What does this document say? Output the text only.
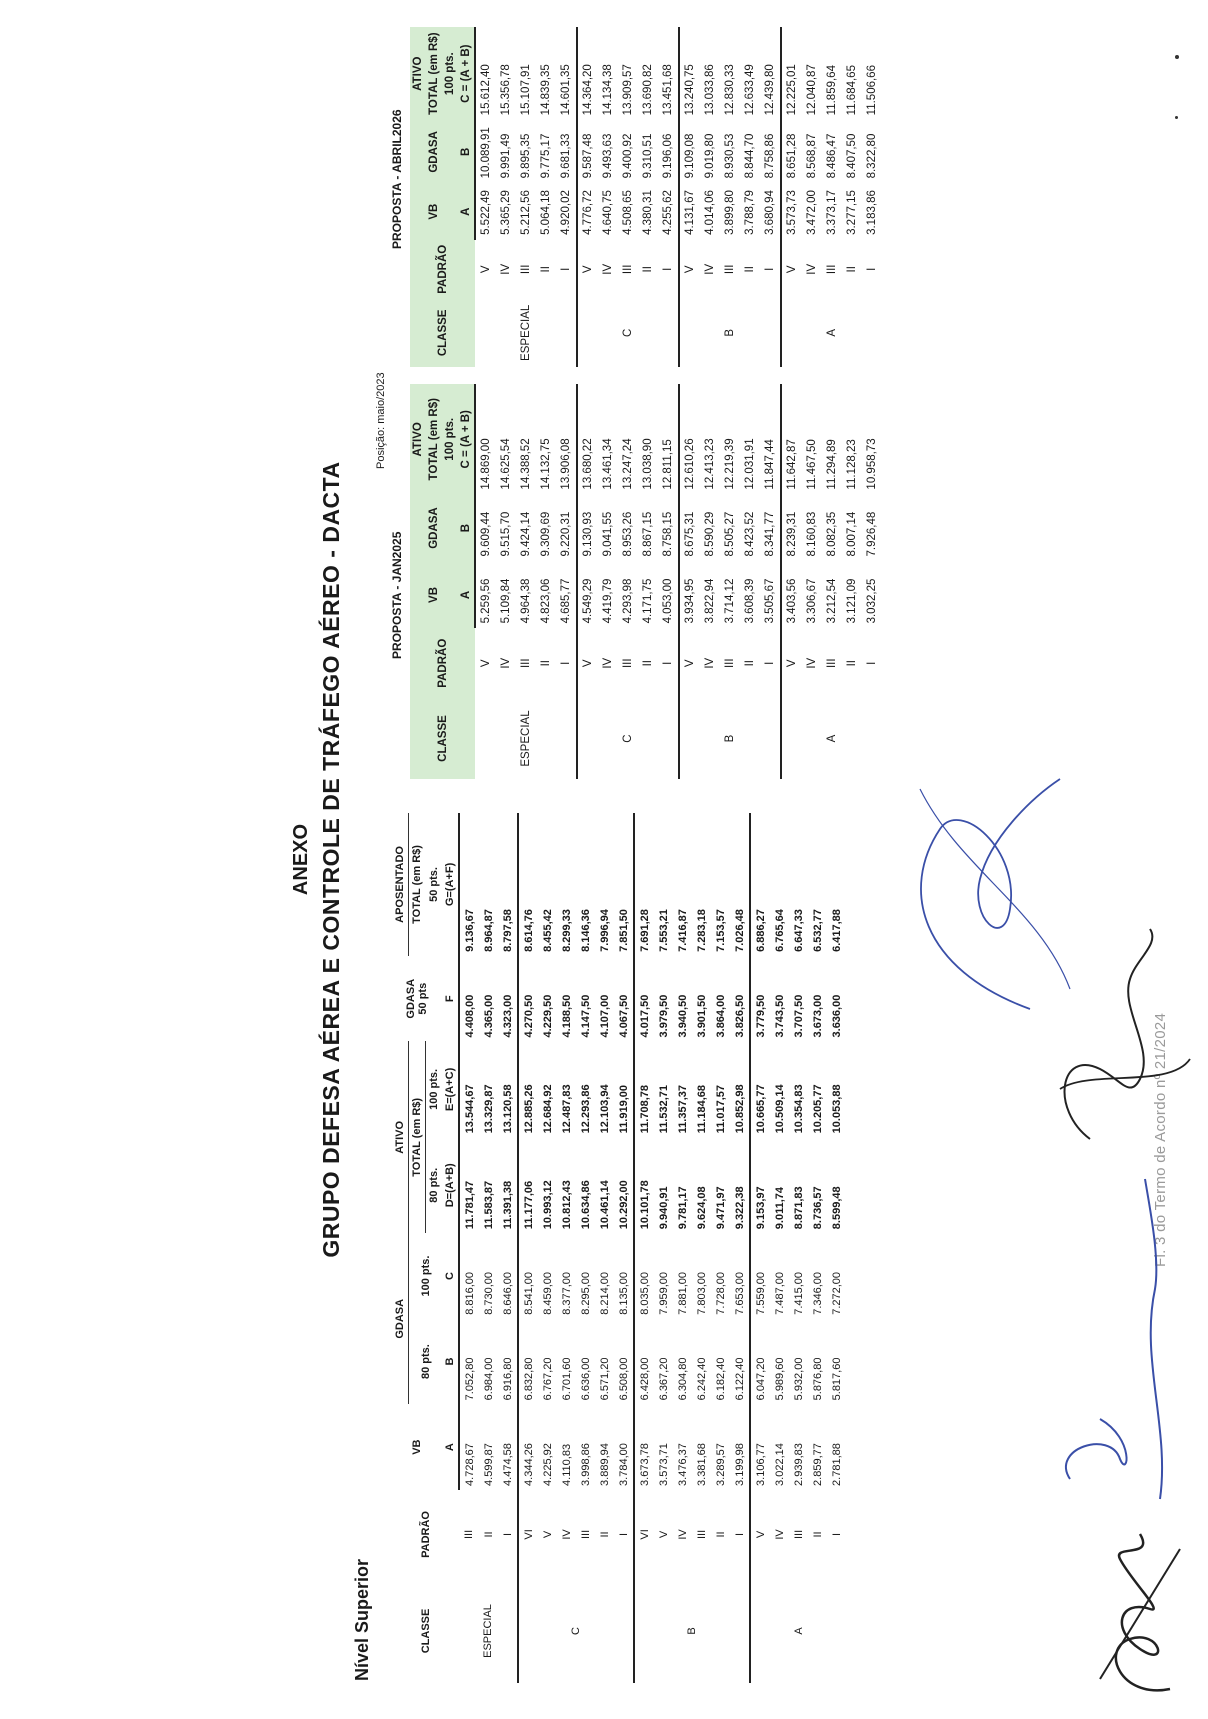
Fl. 3 do Termo de Acordo nº 21/2024
ANEXO GRUPO DEFESA AÉREA E CONTROLE DE TRÁFEGO AÉREO - DACTA
Nível Superior
Posição: maio/2023
PROPOSTA - JAN2025
PROPOSTA - ABRIL2026
CLASSE	PADRÃO	VB	GDASA		ATIVO		GDASA
50 pts	APOSENTADO
			80 pts.	100 pts.	TOTAL (em R$)			TOTAL (em R$)
					80 pts.	100 pts.		50 pts.
		A	B	C	D=(A+B)	E=(A+C)	F	G=(A+F)
ESPECIAL	III	4.728,67	7.052,80	8.816,00	11.781,47	13.544,67	4.408,00	9.136,67
	II	4.599,87	6.984,00	8.730,00	11.583,87	13.329,87	4.365,00	8.964,87
	I	4.474,58	6.916,80	8.646,00	11.391,38	13.120,58	4.323,00	8.797,58
C	VI	4.344,26	6.832,80	8.541,00	11.177,06	12.885,26	4.270,50	8.614,76
	V	4.225,92	6.767,20	8.459,00	10.993,12	12.684,92	4.229,50	8.455,42
	IV	4.110,83	6.701,60	8.377,00	10.812,43	12.487,83	4.188,50	8.299,33
	III	3.998,86	6.636,00	8.295,00	10.634,86	12.293,86	4.147,50	8.146,36
	II	3.889,94	6.571,20	8.214,00	10.461,14	12.103,94	4.107,00	7.996,94
	I	3.784,00	6.508,00	8.135,00	10.292,00	11.919,00	4.067,50	7.851,50
B	VI	3.673,78	6.428,00	8.035,00	10.101,78	11.708,78	4.017,50	7.691,28
	V	3.573,71	6.367,20	7.959,00	9.940,91	11.532,71	3.979,50	7.553,21
	IV	3.476,37	6.304,80	7.881,00	9.781,17	11.357,37	3.940,50	7.416,87
	III	3.381,68	6.242,40	7.803,00	9.624,08	11.184,68	3.901,50	7.283,18
	II	3.289,57	6.182,40	7.728,00	9.471,97	11.017,57	3.864,00	7.153,57
	I	3.199,98	6.122,40	7.653,00	9.322,38	10.852,98	3.826,50	7.026,48
A	V	3.106,77	6.047,20	7.559,00	9.153,97	10.665,77	3.779,50	6.886,27
	IV	3.022,14	5.989,60	7.487,00	9.011,74	10.509,14	3.743,50	6.765,64
	III	2.939,83	5.932,00	7.415,00	8.871,83	10.354,83	3.707,50	6.647,33
	II	2.859,77	5.876,80	7.346,00	8.736,57	10.205,77	3.673,00	6.532,77
	I	2.781,88	5.817,60	7.272,00	8.599,48	10.053,88	3.636,00	6.417,88
CLASSE	PADRÃO	VB	GDASA	ATIVO
				TOTAL (em R$)
				100 pts.
		A	B	C = (A + B)
ESPECIAL	V	5.259,56	9.609,44	14.869,00
	IV	5.109,84	9.515,70	14.625,54
	III	4.964,38	9.424,14	14.388,52
	II	4.823,06	9.309,69	14.132,75
	I	4.685,77	9.220,31	13.906,08
C	V	4.549,29	9.130,93	13.680,22
	IV	4.419,79	9.041,55	13.461,34
	III	4.293,98	8.953,26	13.247,24
	II	4.171,75	8.867,15	13.038,90
	I	4.053,00	8.758,15	12.811,15
B	V	3.934,95	8.675,31	12.610,26
	IV	3.822,94	8.590,29	12.413,23
	III	3.714,12	8.505,27	12.219,39
	II	3.608,39	8.423,52	12.031,91
	I	3.505,67	8.341,77	11.847,44
A	V	3.403,56	8.239,31	11.642,87
	IV	3.306,67	8.160,83	11.467,50
	III	3.212,54	8.082,35	11.294,89
	II	3.121,09	8.007,14	11.128,23
	I	3.032,25	7.926,48	10.958,73
CLASSE	PADRÃO	VB	GDASA	ATIVO
				TOTAL (em R$)
				100 pts.
		A	B	C = (A + B)
ESPECIAL	V	5.522,49	10.089,91	15.612,40
	IV	5.365,29	9.991,49	15.356,78
	III	5.212,56	9.895,35	15.107,91
	II	5.064,18	9.775,17	14.839,35
	I	4.920,02	9.681,33	14.601,35
C	V	4.776,72	9.587,48	14.364,20
	IV	4.640,75	9.493,63	14.134,38
	III	4.508,65	9.400,92	13.909,57
	II	4.380,31	9.310,51	13.690,82
	I	4.255,62	9.196,06	13.451,68
B	V	4.131,67	9.109,08	13.240,75
	IV	4.014,06	9.019,80	13.033,86
	III	3.899,80	8.930,53	12.830,33
	II	3.788,79	8.844,70	12.633,49
	I	3.680,94	8.758,86	12.439,80
A	V	3.573,73	8.651,28	12.225,01
	IV	3.472,00	8.568,87	12.040,87
	III	3.373,17	8.486,47	11.859,64
	II	3.277,15	8.407,50	11.684,65
	I	3.183,86	8.322,80	11.506,66
